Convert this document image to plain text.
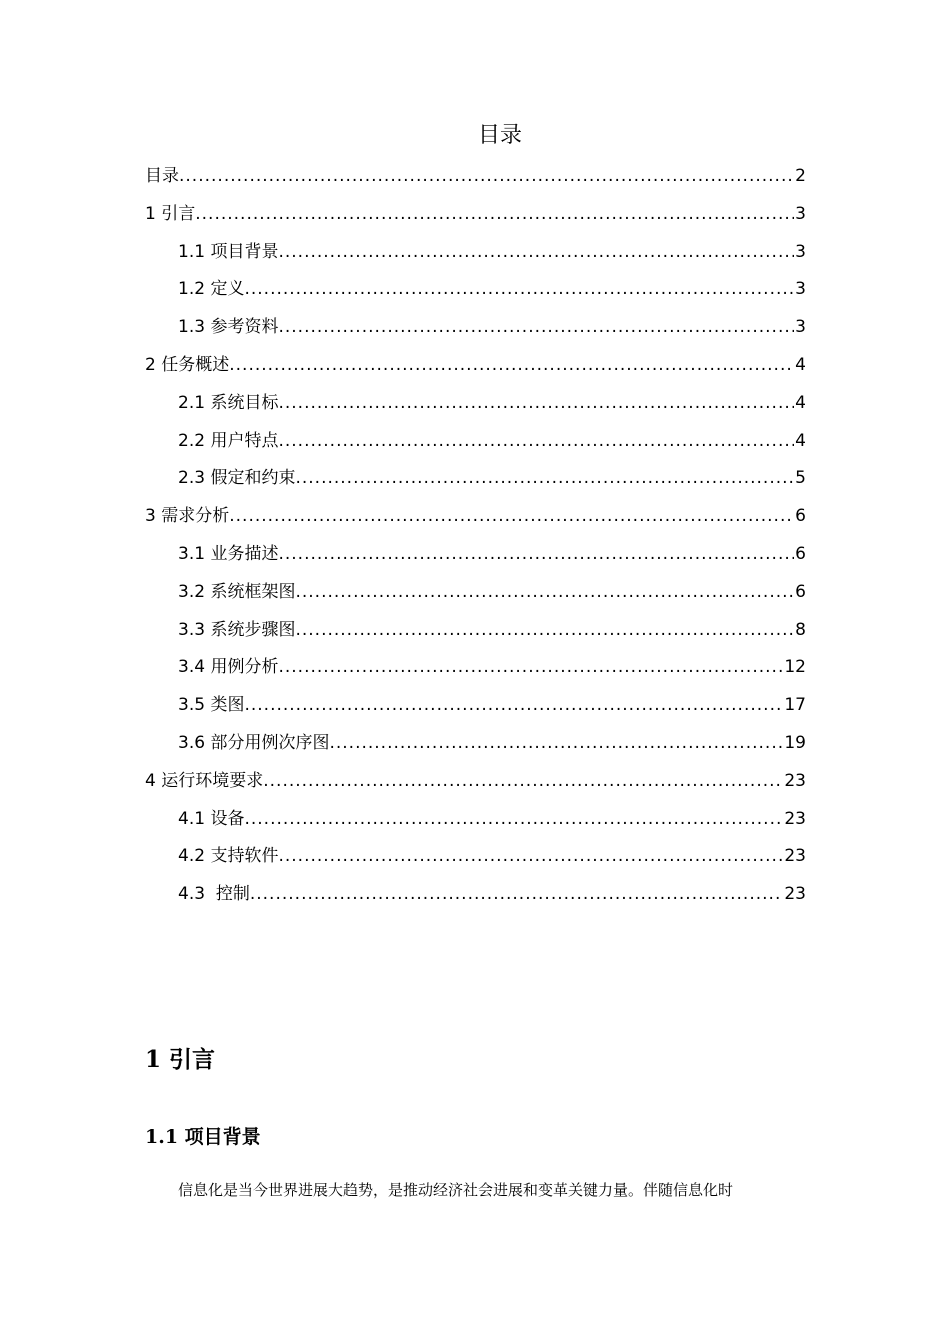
目录
目录 .....	2
1 引言 .....	3
1.1 项目背景 .....	3
1.2 定义 .....	3
1.3 参考资料 .....	3
2 任务概述 .....	4
2.1 系统目标 .....	4
2.2 用户特点 .....	4
2.3 假定和约束 .....	5
3 需求分析 .....	6
3.1 业务描述 .....	6
3.2 系统框架图 .....	6
3.3 系统步骤图 .....	8
3.4 用例分析 .....	12
3.5 类图 .....	17
3.6 部分用例次序图 .....	19
4 运行环境要求 .....	23
4.1 设备 .....	23
4.2 支持软件 .....	23
4.3  控制 .....	23
1 引言
1.1 项目背景
信息化是当今世界进展大趋势，是推动经济社会进展和变革关键力量。伴随信息化时
